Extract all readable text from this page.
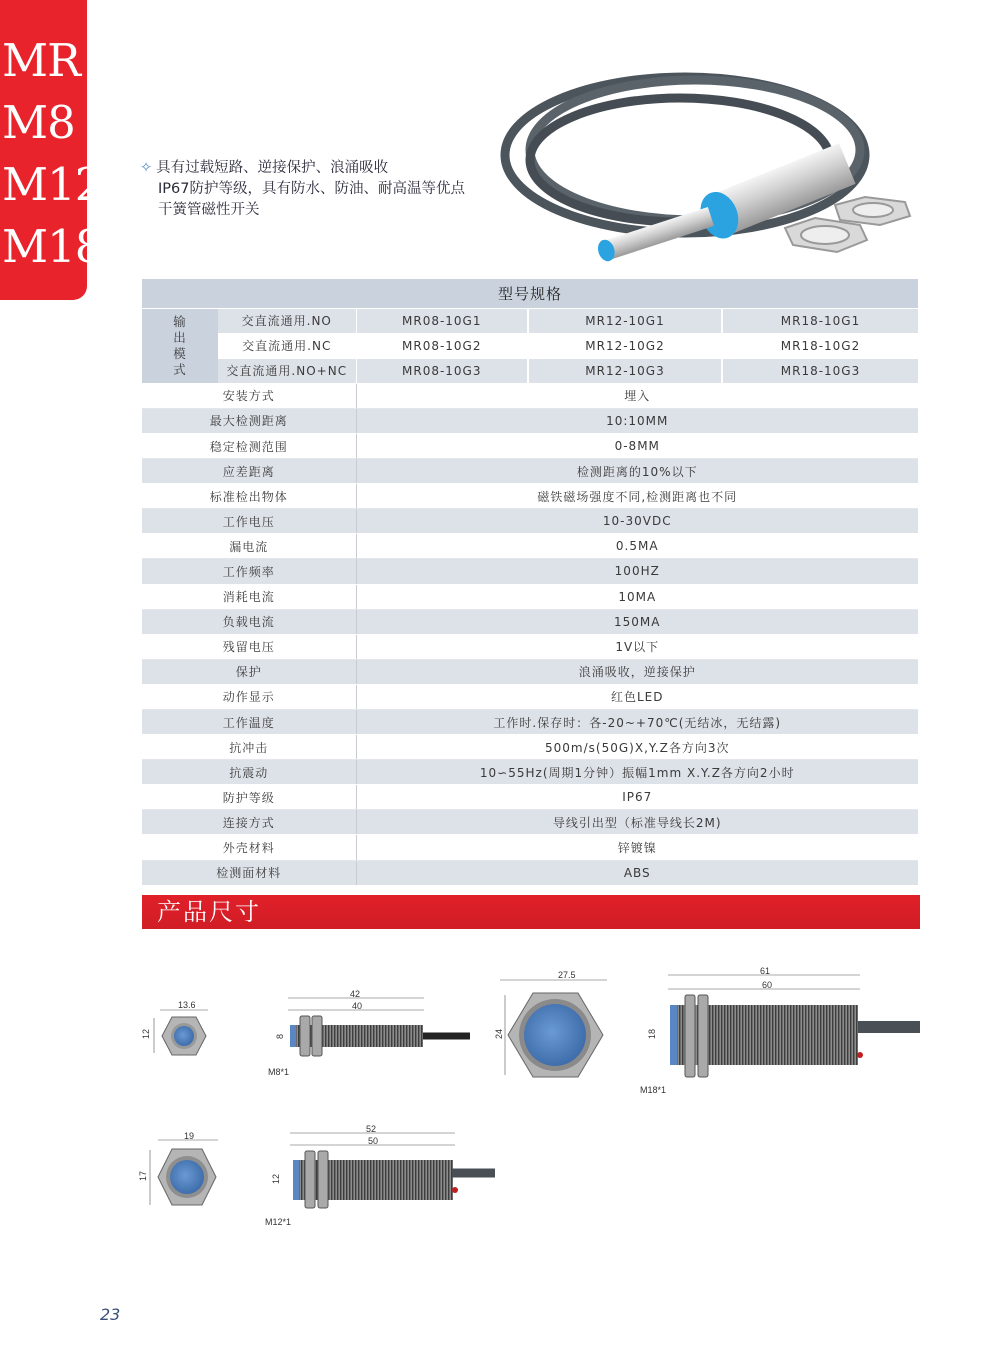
MR
M8
M12
M18
✧ 具有过载短路、逆接保护、浪涌吸收
IP67防护等级，具有防水、防油、耐高温等优点
干簧管磁性开关
型号规格				
输出模式	交直流通用.NO	MR08-10G1	MR12-10G1	MR18-10G1
	交直流通用.NC	MR08-10G2	MR12-10G2	MR18-10G2
	交直流通用.NO+NC	MR08-10G3	MR12-10G3	MR18-10G3
安装方式		埋入		
最大检测距离		10:10MM		
稳定检测范围		0-8MM		
应差距离		检测距离的10%以下		
标准检出物体		磁铁磁场强度不同,检测距离也不同		
工作电压		10-30VDC		
漏电流		0.5MA		
工作频率		100HZ		
消耗电流		10MA		
负载电流		150MA		
残留电压		1V以下		
保护		浪涌吸收，逆接保护		
动作显示		红色LED		
工作温度		工作时.保存时：各-20~+70℃(无结冰，无结露)		
抗冲击		500m/s(50G)X,Y.Z各方向3次		
抗震动		10∽55Hz(周期1分钟）振幅1mm X.Y.Z各方向2小时		
防护等级		IP67		
连接方式		导线引出型（标准导线长2M)		
外壳材料		锌镀镍		
检测面材料		ABS		
产品尺寸
13.6
12
42
40
8
M8*1
27.5
24
61
60
18
M18*1
19
17
52
50
12
M12*1
23
